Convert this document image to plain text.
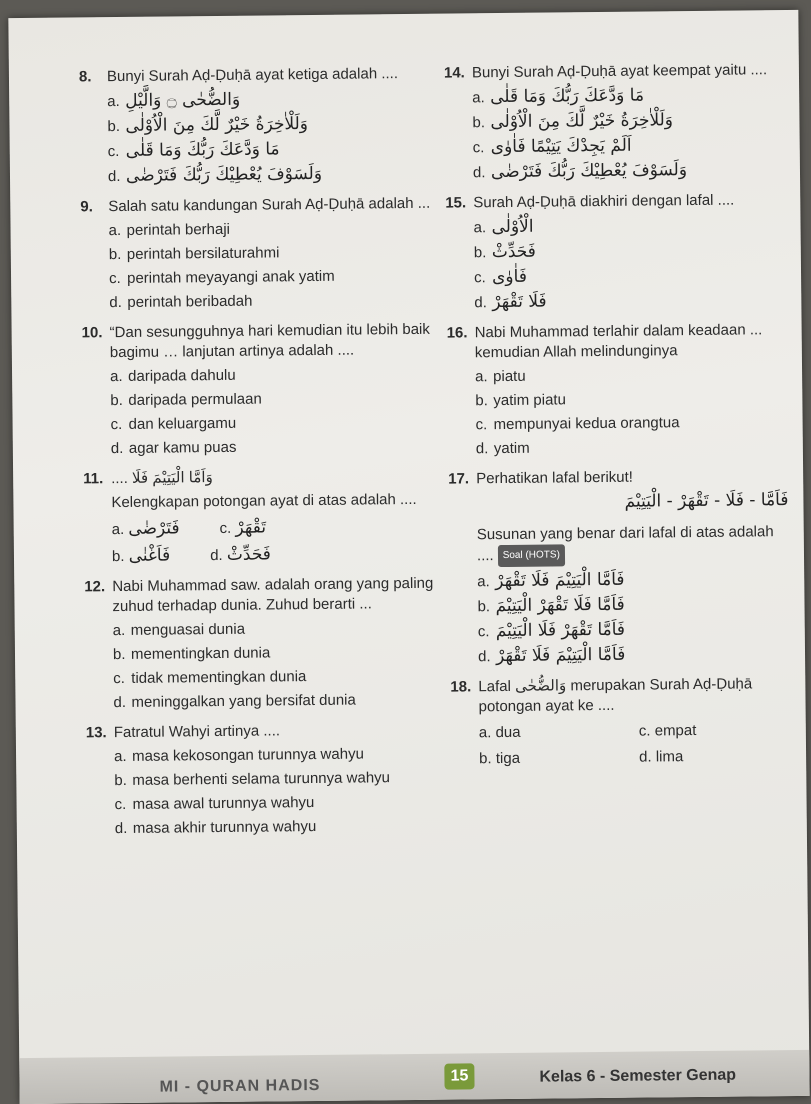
8. Bunyi Surah Aḍ-Ḍuḥā ayat ketiga adalah ....
a. وَالضُّحٰى ۝ وَالَّيْلِ
b. وَلَلْاٰخِرَةُ خَيْرٌ لَّكَ مِنَ الْاُوْلٰى
c. مَا وَدَّعَكَ رَبُّكَ وَمَا قَلٰى
d. وَلَسَوْفَ يُعْطِيْكَ رَبُّكَ فَتَرْضٰى
9. Salah satu kandungan Surah Aḍ-Ḍuḥā adalah ...
a. perintah berhaji
b. perintah bersilaturahmi
c. perintah meyayangi anak yatim
d. perintah beribadah
10. “Dan sesungguhnya hari kemudian itu lebih baik bagimu … lanjutan artinya adalah ....
a. daripada dahulu
b. daripada permulaan
c. dan keluargamu
d. agar kamu puas
11. .... وَاَمَّا الْيَتِيْمَ فَلَا
Kelengkapan potongan ayat di atas adalah ....
a. فَتَرْضٰى	c. تَقْهَرْ
b. فَاَغْنٰى	d. فَحَدِّثْ
12. Nabi Muhammad saw. adalah orang yang paling zuhud terhadap dunia. Zuhud berarti ...
a. menguasai dunia
b. mementingkan dunia
c. tidak mementingkan dunia
d. meninggalkan yang bersifat dunia
13. Fatratul Wahyi artinya ....
a. masa kekosongan turunnya wahyu
b. masa berhenti selama turunnya wahyu
c. masa awal turunnya wahyu
d. masa akhir turunnya wahyu
14. Bunyi Surah Aḍ-Ḍuḥā ayat keempat yaitu ....
a. مَا وَدَّعَكَ رَبُّكَ وَمَا قَلٰى
b. وَلَلْاٰخِرَةُ خَيْرٌ لَّكَ مِنَ الْاُوْلٰى
c. اَلَمْ يَجِدْكَ يَتِيْمًا فَاٰوٰى
d. وَلَسَوْفَ يُعْطِيْكَ رَبُّكَ فَتَرْضٰى
15. Surah Aḍ-Ḍuḥā diakhiri dengan lafal ....
a. الْاُوْلٰى
b. فَحَدِّثْ
c. فَاٰوٰى
d. فَلَا تَقْهَرْ
16. Nabi Muhammad terlahir dalam keadaan ... kemudian Allah melindunginya
a. piatu
b. yatim piatu
c. mempunyai kedua orangtua
d. yatim
17. Perhatikan lafal berikut!
فَاَمَّا - فَلَا - تَقْهَرْ - الْيَتِيْمَ
Susunan yang benar dari lafal di atas adalah .... Soal (HOTS)
a. فَاَمَّا الْيَتِيْمَ فَلَا تَقْهَرْ
b. فَاَمَّا فَلَا تَقْهَرْ الْيَتِيْمَ
c. فَاَمَّا تَقْهَرْ فَلَا الْيَتِيْمَ
d. فَاَمَّا الْيَتِيْمَ فَلَا تَقْهَرْ
18. Lafal وَالضُّحٰى merupakan Surah Aḍ-Ḍuḥā potongan ayat ke ....
a. dua	c. empat
b. tiga	d. lima
MI - QURAN HADIS
15	Kelas 6 - Semester Genap
